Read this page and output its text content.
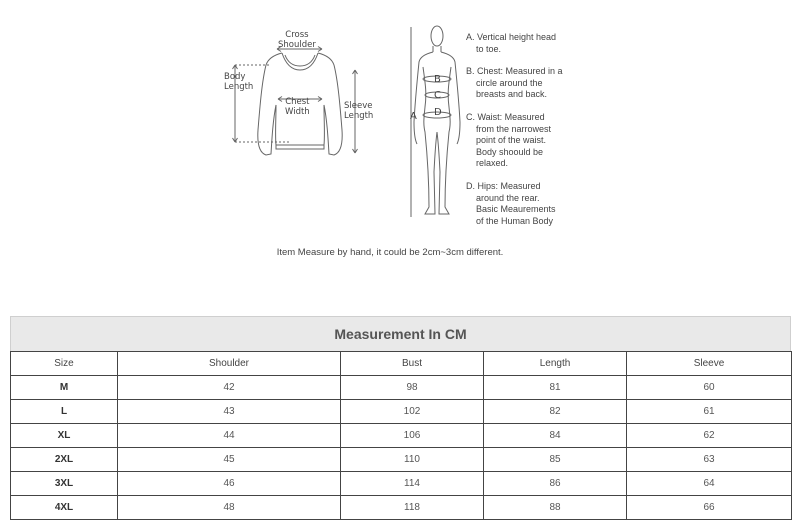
Cross
Shoulder
Body
Length
Chest
Width
Sleeve
Length	A
B
C
D
A. Vertical height head
to toe.
B. Chest: Measured in a
circle around the
breasts and back.
C. Waist: Measured
from the narrowest
point of the waist.
Body shoould be
relaxed.
D. Hips: Measured
around the rear.
Basic Meaurements
of the Human Body
Item Measure by hand, it could be 2cm~3cm different.
Measurement In CM
Size	Shoulder	Bust	Length	Sleeve
M	42	98	81	60
L	43	102	82	61
XL	44	106	84	62
2XL	45	110	85	63
3XL	46	114	86	64
4XL	48	118	88	66
